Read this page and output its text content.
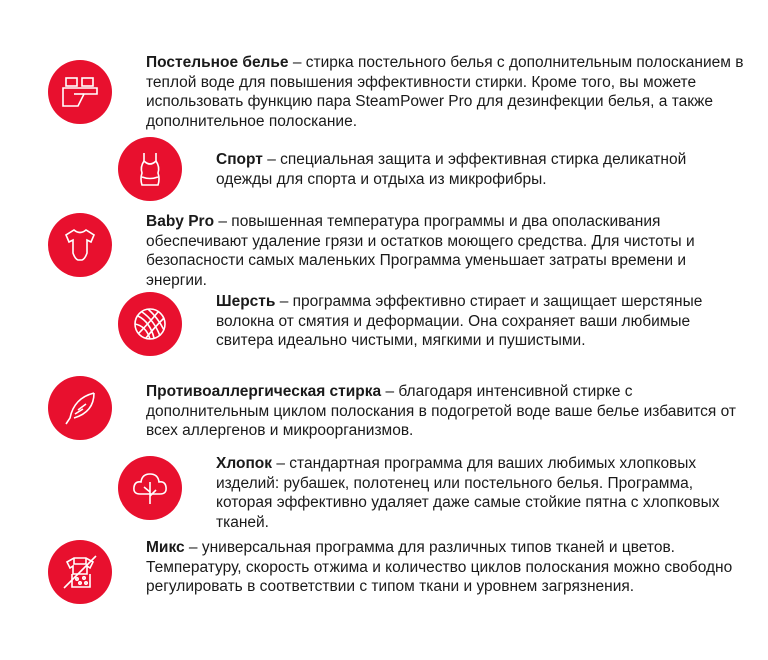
Постельное белье – стирка постельного белья с дополнительным полосканием в теплой воде для повышения эффективности стирки. Кроме того, вы можете использовать функцию пара SteamPower Pro для дезинфекции белья, а также дополнительное полоскание.
Спорт – специальная защита и эффективная стирка деликатной одежды для спорта и отдыха из микрофибры.
Baby Pro – повышенная температура программы и два ополаскивания обеспечивают удаление грязи и остатков моющего средства. Для чистоты и безопасности самых маленьких Программа уменьшает затраты времени и энергии.
Шерсть – программа эффективно стирает и защищает шерстяные волокна от смятия и деформации. Она сохраняет ваши любимые свитера идеально чистыми, мягкими и пушистыми.
Противоаллергическая стирка – благодаря интенсивной стирке с дополнительным циклом полоскания в подогретой воде ваше белье избавится от всех аллергенов и микроорганизмов.
Хлопок – стандартная программа для ваших любимых хлопковых изделий: рубашек, полотенец или постельного белья. Программа, которая эффективно удаляет даже самые стойкие пятна с хлопковых тканей.
Микс – универсальная программа для различных типов тканей и цветов. Температуру, скорость отжима и количество циклов полоскания можно свободно регулировать в соответствии с типом ткани и уровнем загрязнения.
